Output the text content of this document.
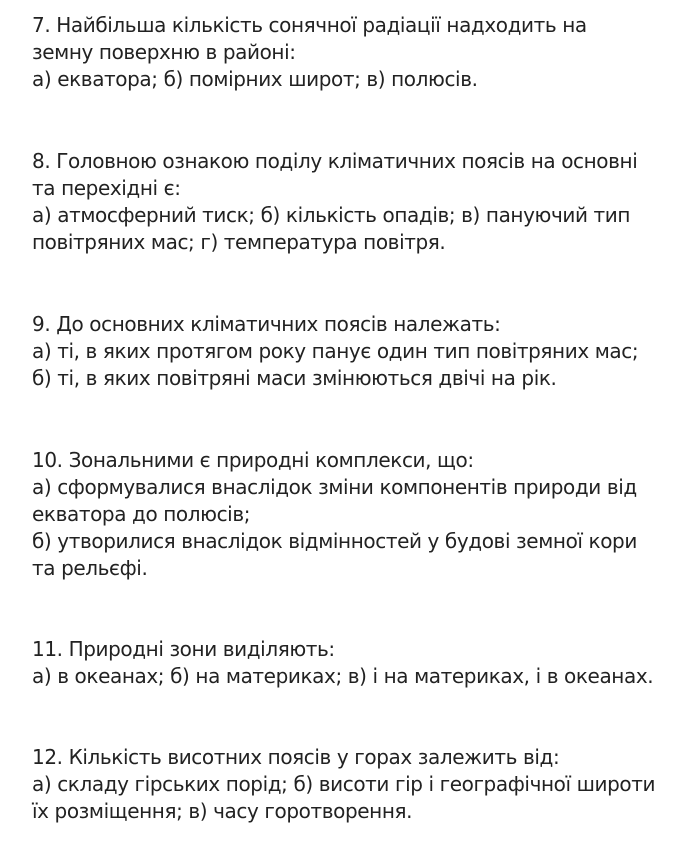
7. Найбільша кількість сонячної радіації надходить на
земну поверхню в районі:
а) екватора; б) помірних широт; в) полюсів.
8. Головною ознакою поділу кліматичних поясів на основні
та перехідні є:
а) атмосферний тиск; б) кількість опадів; в) пануючий тип
повітряних мас; г) температура повітря.
9. До основних кліматичних поясів належать:
а) ті, в яких протягом року панує один тип повітряних мас;
б) ті, в яких повітряні маси змінюються двічі на рік.
10. Зональними є природні комплекси, що:
а) сформувалися внаслідок зміни компонентів природи від
екватора до полюсів;
б) утворилися внаслідок відмінностей у будові земної кори
та рельєфі.
11. Природні зони виділяють:
а) в океанах; б) на материках; в) і на материках, і в океанах.
12. Кількість висотних поясів у горах залежить від:
а) складу гірських порід; б) висоти гір і географічної широти
їх розміщення; в) часу горотворення.
